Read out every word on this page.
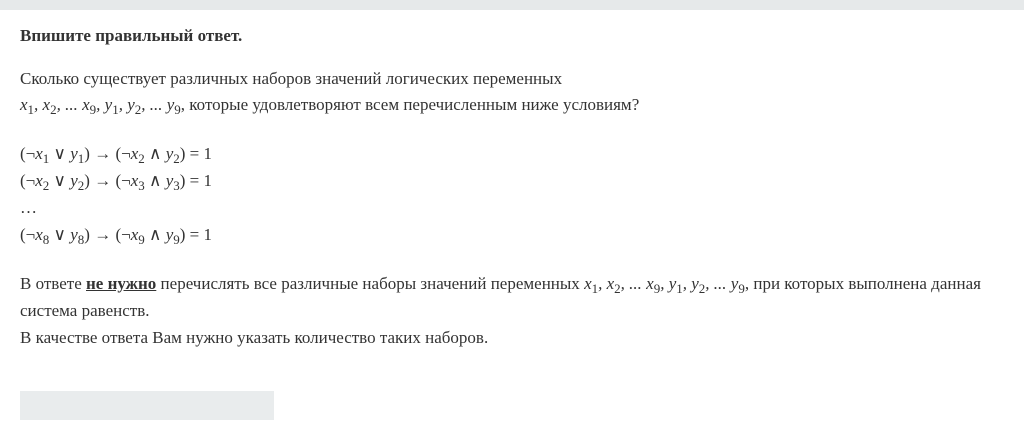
Впишите правильный ответ.

Сколько существует различных наборов значений логических переменных
$x_1$, $x_2$, ... $x_9$, $y_1$, $y_2$, ... $y_9$, которые удовлетворяют всем перечисленным ниже условиям?
($\neg x_1$ ∨ $y_1$) → ($\neg x_2$ ∧ $y_2) = 1$
($\neg x_2$ ∨ $y_2$) → ($\neg x_3$ ∧ $y_3) = 1$
…
($\neg x_8$ ∨ $y_8$) → ($\neg x_9$ ∧ $y_9) = 1$
В ответе не нужно перечислять все различные наборы значений переменных $x_1$, $x_2$, ... $x_9$, $y_1$, $y_2$, ... $y_9$, при которых выполнена данная система равенств.
В качестве ответа Вам нужно указать количество таких наборов.
